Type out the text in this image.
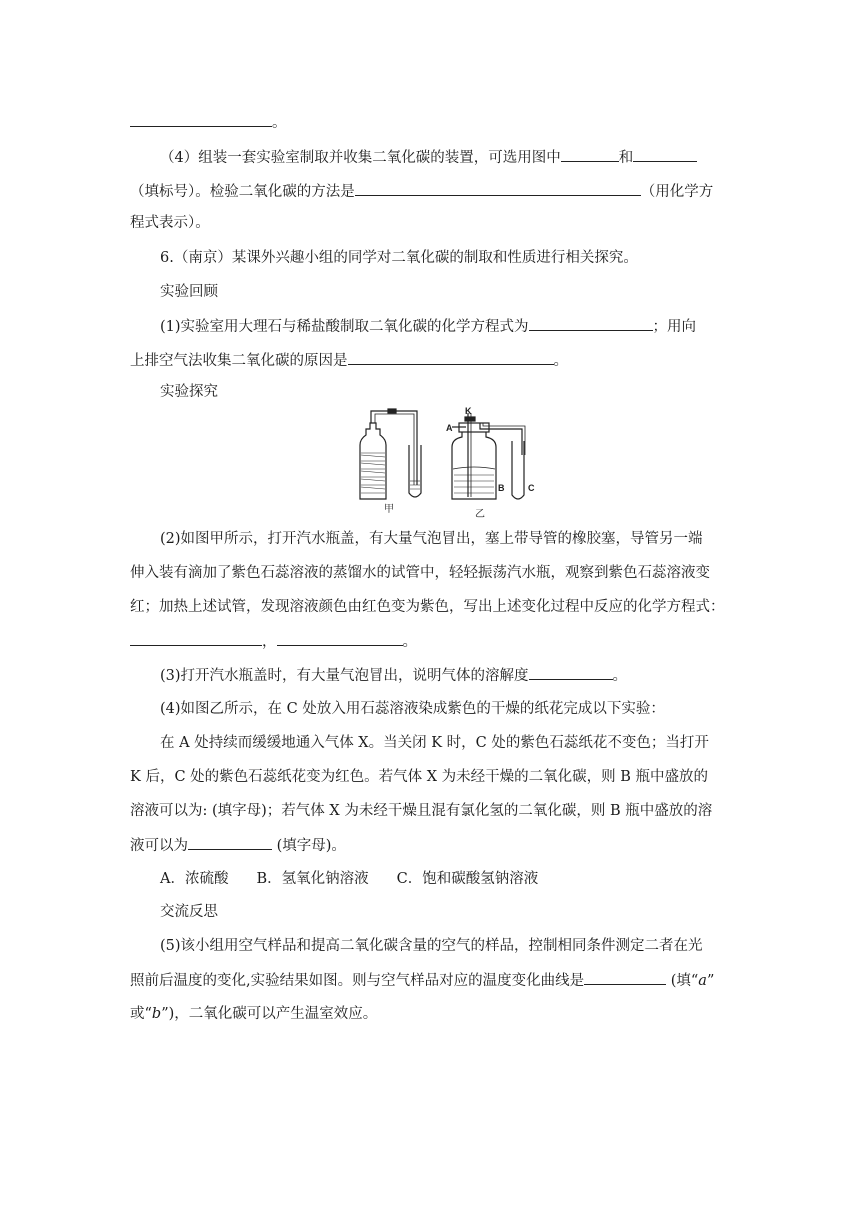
。
（4）组装一套实验室制取并收集二氧化碳的装置，可选用图中	和
（填标号）。检验二氧化碳的方法是	（用化学方
程式表示）。
6.（南京）某课外兴趣小组的同学对二氧化碳的制取和性质进行相关探究。
实验回顾
(1)实验室用大理石与稀盐酸制取二氧化碳的化学方程式为	；用向
上排空气法收集二氧化碳的原因是	。
实验探究
K
A
B	C
甲	乙
(2)如图甲所示，打开汽水瓶盖，有大量气泡冒出，塞上带导管的橡胶塞，导管另一端
伸入装有滴加了紫色石蕊溶液的蒸馏水的试管中，轻轻振荡汽水瓶，观察到紫色石蕊溶液变
红；加热上述试管，发现溶液颜色由红色变为紫色，写出上述变化过程中反应的化学方程式：
，	。
(3)打开汽水瓶盖时，有大量气泡冒出，说明气体的溶解度	。
(4)如图乙所示，在 C 处放入用石蕊溶液染成紫色的干燥的纸花完成以下实验：
在 A 处持续而缓缓地通入气体 X。当关闭 K 时，C 处的紫色石蕊纸花不变色；当打开
K 后，C 处的紫色石蕊纸花变为红色。若气体 X 为未经干燥的二氧化碳，则 B 瓶中盛放的
溶液可以为: (填字母)；若气体 X 为未经干燥且混有氯化氢的二氧化碳，则 B 瓶中盛放的溶
液可以为	(填字母)。
A．浓硫酸 B．氢氧化钠溶液 C．饱和碳酸氢钠溶液
交流反思
(5)该小组用空气样品和提高二氧化碳含量的空气的样品，控制相同条件测定二者在光
照前后温度的变化,实验结果如图。则与空气样品对应的温度变化曲线是	(填“a”
或“b”)，二氧化碳可以产生温室效应。
